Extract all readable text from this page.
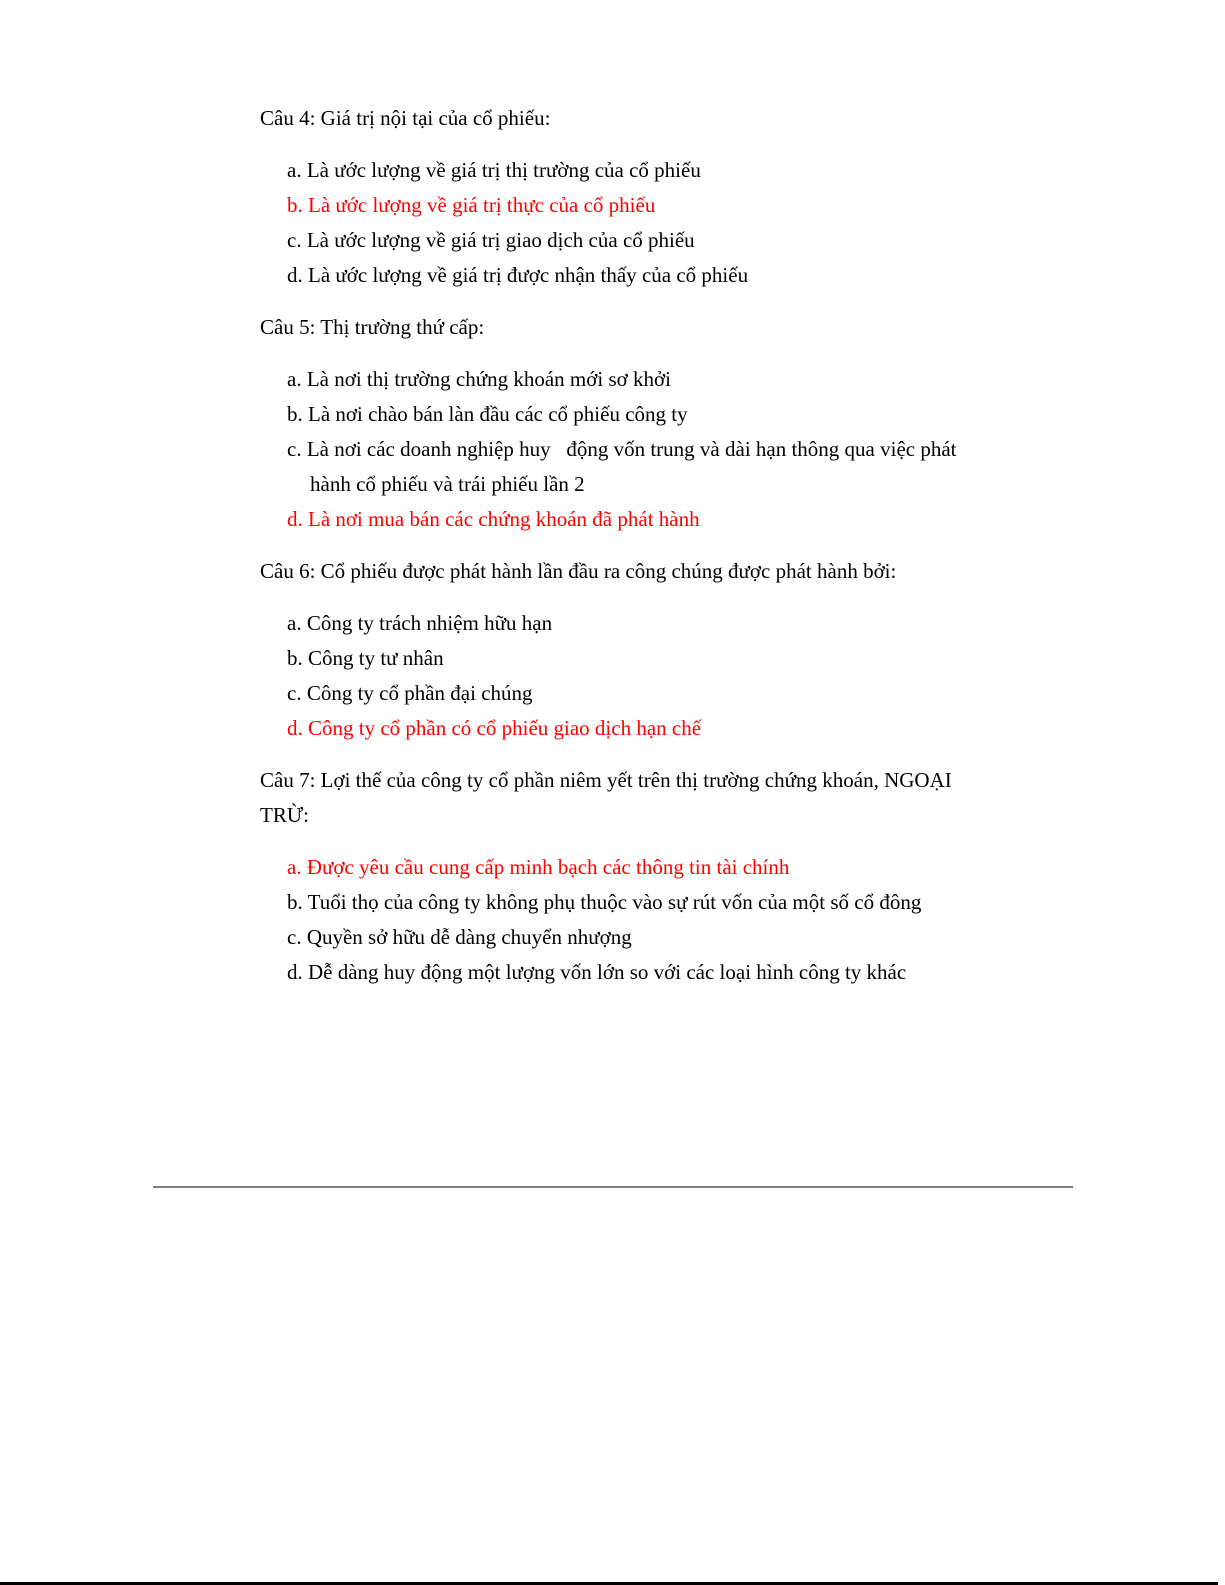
Câu 4: Giá trị nội tại của cổ phiếu:

a. Là ước lượng về giá trị thị trường của cổ phiếu

b. Là ước lượng về giá trị thực của cổ phiếu

c. Là ước lượng về giá trị giao dịch của cổ phiếu

d. Là ước lượng về giá trị được nhận thấy của cổ phiếu

Câu 5: Thị trường thứ cấp:

a. Là nơi thị trường chứng khoán mới sơ khởi

b. Là nơi chào bán làn đầu các cổ phiếu công ty

c. Là nơi các doanh nghiệp huy   động vốn trung và dài hạn thông qua việc phát
hành cổ phiếu và trái phiếu lần 2

d. Là nơi mua bán các chứng khoán đã phát hành

Câu 6: Cổ phiếu được phát hành lần đầu ra công chúng được phát hành bởi:

a. Công ty trách nhiệm hữu hạn

b. Công ty tư nhân

c. Công ty cổ phần đại chúng

d. Công ty cổ phần có cổ phiếu giao dịch hạn chế

Câu 7: Lợi thế của công ty cổ phần niêm yết trên thị trường chứng khoán, NGOẠI
TRỪ:

a. Được yêu cầu cung cấp minh bạch các thông tin tài chính

b. Tuổi thọ của công ty không phụ thuộc vào sự rút vốn của một số cổ đông

c. Quyền sở hữu dễ dàng chuyển nhượng

d. Dễ dàng huy động một lượng vốn lớn so với các loại hình công ty khác
